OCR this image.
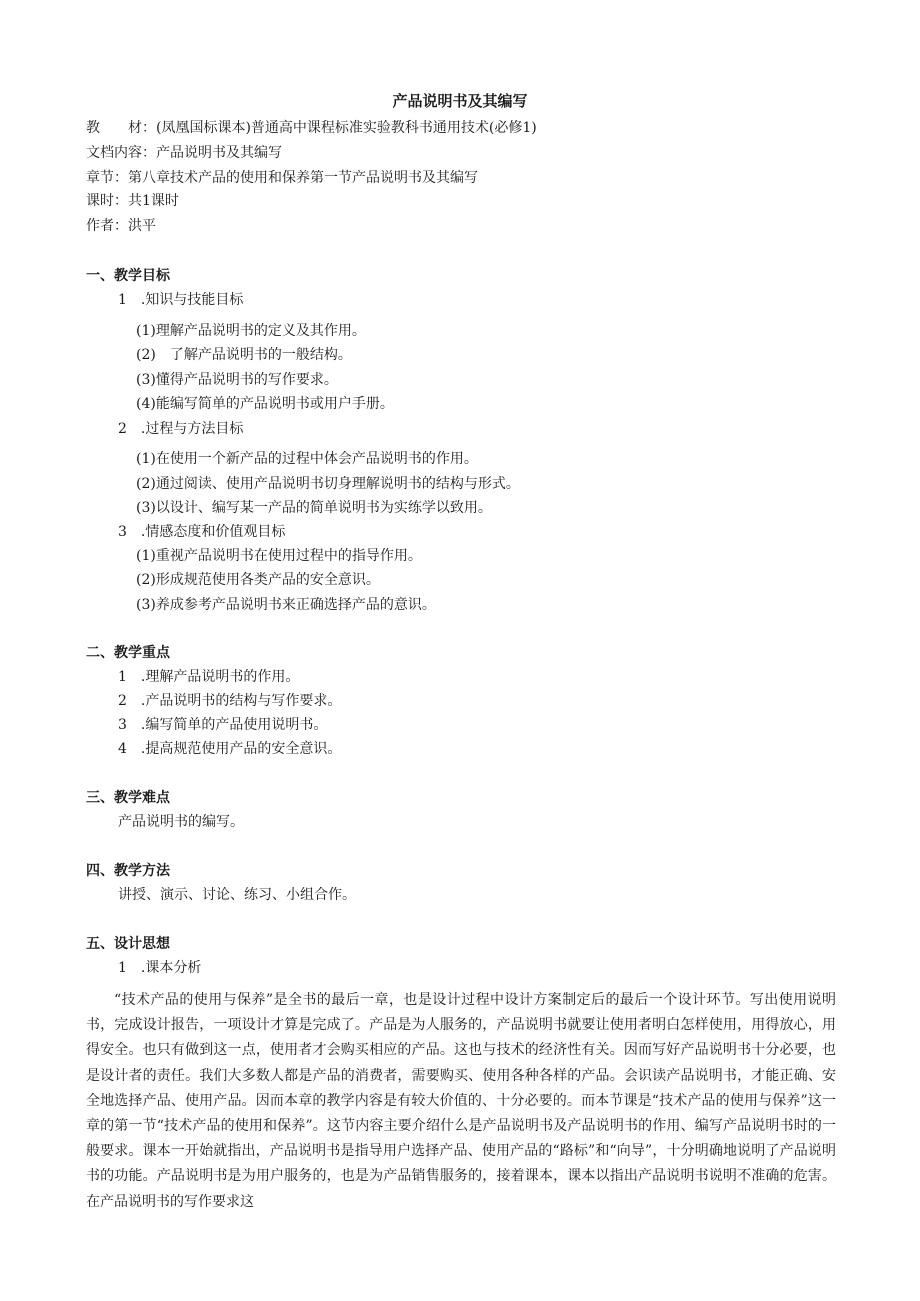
产品说明书及其编写
教　　材：(凤凰国标课本)普通高中课程标准实验教科书通用技术(必修1)
文档内容：产品说明书及其编写
章节：第八章技术产品的使用和保养第一节产品说明书及其编写
课时：共1课时
作者：洪平
一、教学目标
1　.知识与技能目标
(1)理解产品说明书的定义及其作用。
(2)　了解产品说明书的一般结构。
(3)懂得产品说明书的写作要求。
(4)能编写简单的产品说明书或用户手册。
2　.过程与方法目标
(1)在使用一个新产品的过程中体会产品说明书的作用。
(2)通过阅读、使用产品说明书切身理解说明书的结构与形式。
(3)以设计、编写某一产品的简单说明书为实练学以致用。
3　.情感态度和价值观目标
(1)重视产品说明书在使用过程中的指导作用。
(2)形成规范使用各类产品的安全意识。
(3)养成参考产品说明书来正确选择产品的意识。
二、教学重点
1　.理解产品说明书的作用。
2　.产品说明书的结构与写作要求。
3　.编写简单的产品使用说明书。
4　.提高规范使用产品的安全意识。
三、教学难点
产品说明书的编写。
四、教学方法
讲授、演示、讨论、练习、小组合作。
五、设计思想
1　.课本分析
“技术产品的使用与保养”是全书的最后一章，也是设计过程中设计方案制定后的最后一个设计环节。写出使用说明书，完成设计报告，一项设计才算是完成了。产品是为人服务的，产品说明书就要让使用者明白怎样使用，用得放心，用得安全。也只有做到这一点，使用者才会购买相应的产品。这也与技术的经济性有关。因而写好产品说明书十分必要，也是设计者的责任。我们大多数人都是产品的消费者，需要购买、使用各种各样的产品。会识读产品说明书，才能正确、安全地选择产品、使用产品。因而本章的教学内容是有较大价值的、十分必要的。而本节课是“技术产品的使用与保养”这一章的第一节“技术产品的使用和保养”。这节内容主要介绍什么是产品说明书及产品说明书的作用、编写产品说明书时的一般要求。课本一开始就指出，产品说明书是指导用户选择产品、使用产品的“路标”和“向导”，十分明确地说明了产品说明书的功能。产品说明书是为用户服务的，也是为产品销售服务的，接着课本，课本以指出产品说明书说明不准确的危害。在产品说明书的写作要求这
